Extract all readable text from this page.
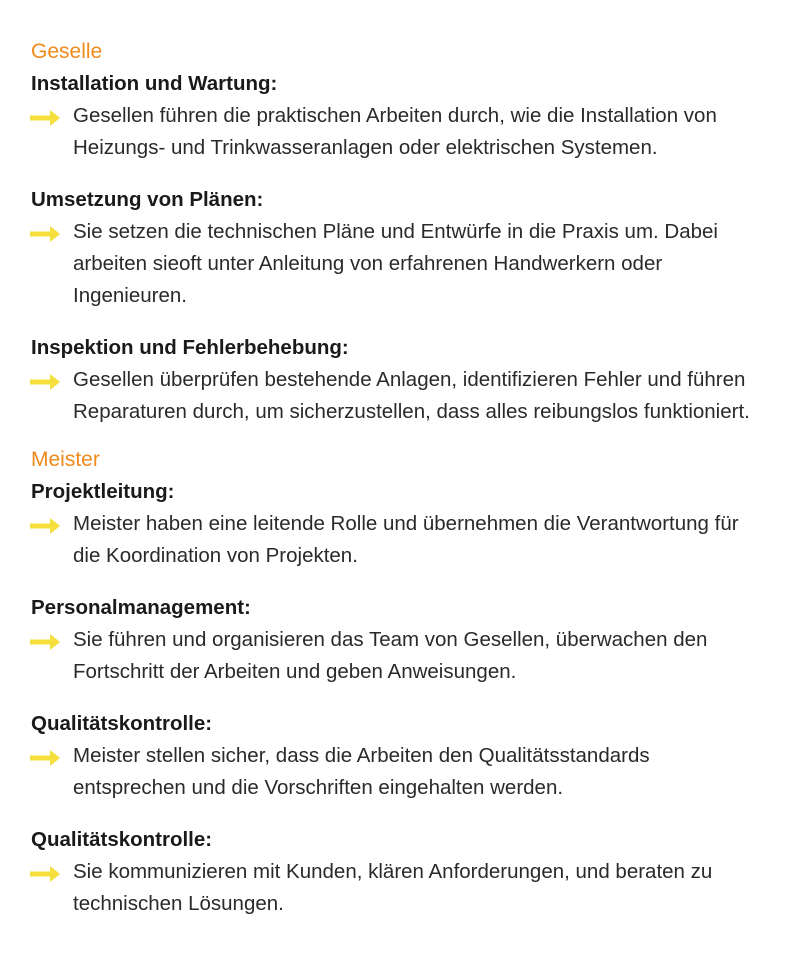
Geselle
Installation und Wartung:
Gesellen führen die praktischen Arbeiten durch, wie die Installation von Heizungs- und Trinkwasseranlagen oder elektrischen Systemen.
Umsetzung von Plänen:
Sie setzen die technischen Pläne und Entwürfe in die Praxis um. Dabei arbeiten sieoft unter Anleitung von erfahrenen Handwerkern oder Ingenieuren.
Inspektion und Fehlerbehebung:
Gesellen überprüfen bestehende Anlagen, identifizieren Fehler und führen Reparaturen durch, um sicherzustellen, dass alles reibungslos funktioniert.
Meister
Projektleitung:
Meister haben eine leitende Rolle und übernehmen die Verantwortung für die Koordination von Projekten.
Personalmanagement:
Sie führen und organisieren das Team von Gesellen, überwachen den Fortschritt der Arbeiten und geben Anweisungen.
Qualitätskontrolle:
Meister stellen sicher, dass die Arbeiten den Qualitätsstandards entsprechen und die Vorschriften eingehalten werden.
Qualitätskontrolle:
Sie kommunizieren mit Kunden, klären Anforderungen, und beraten zu technischen Lösungen.
